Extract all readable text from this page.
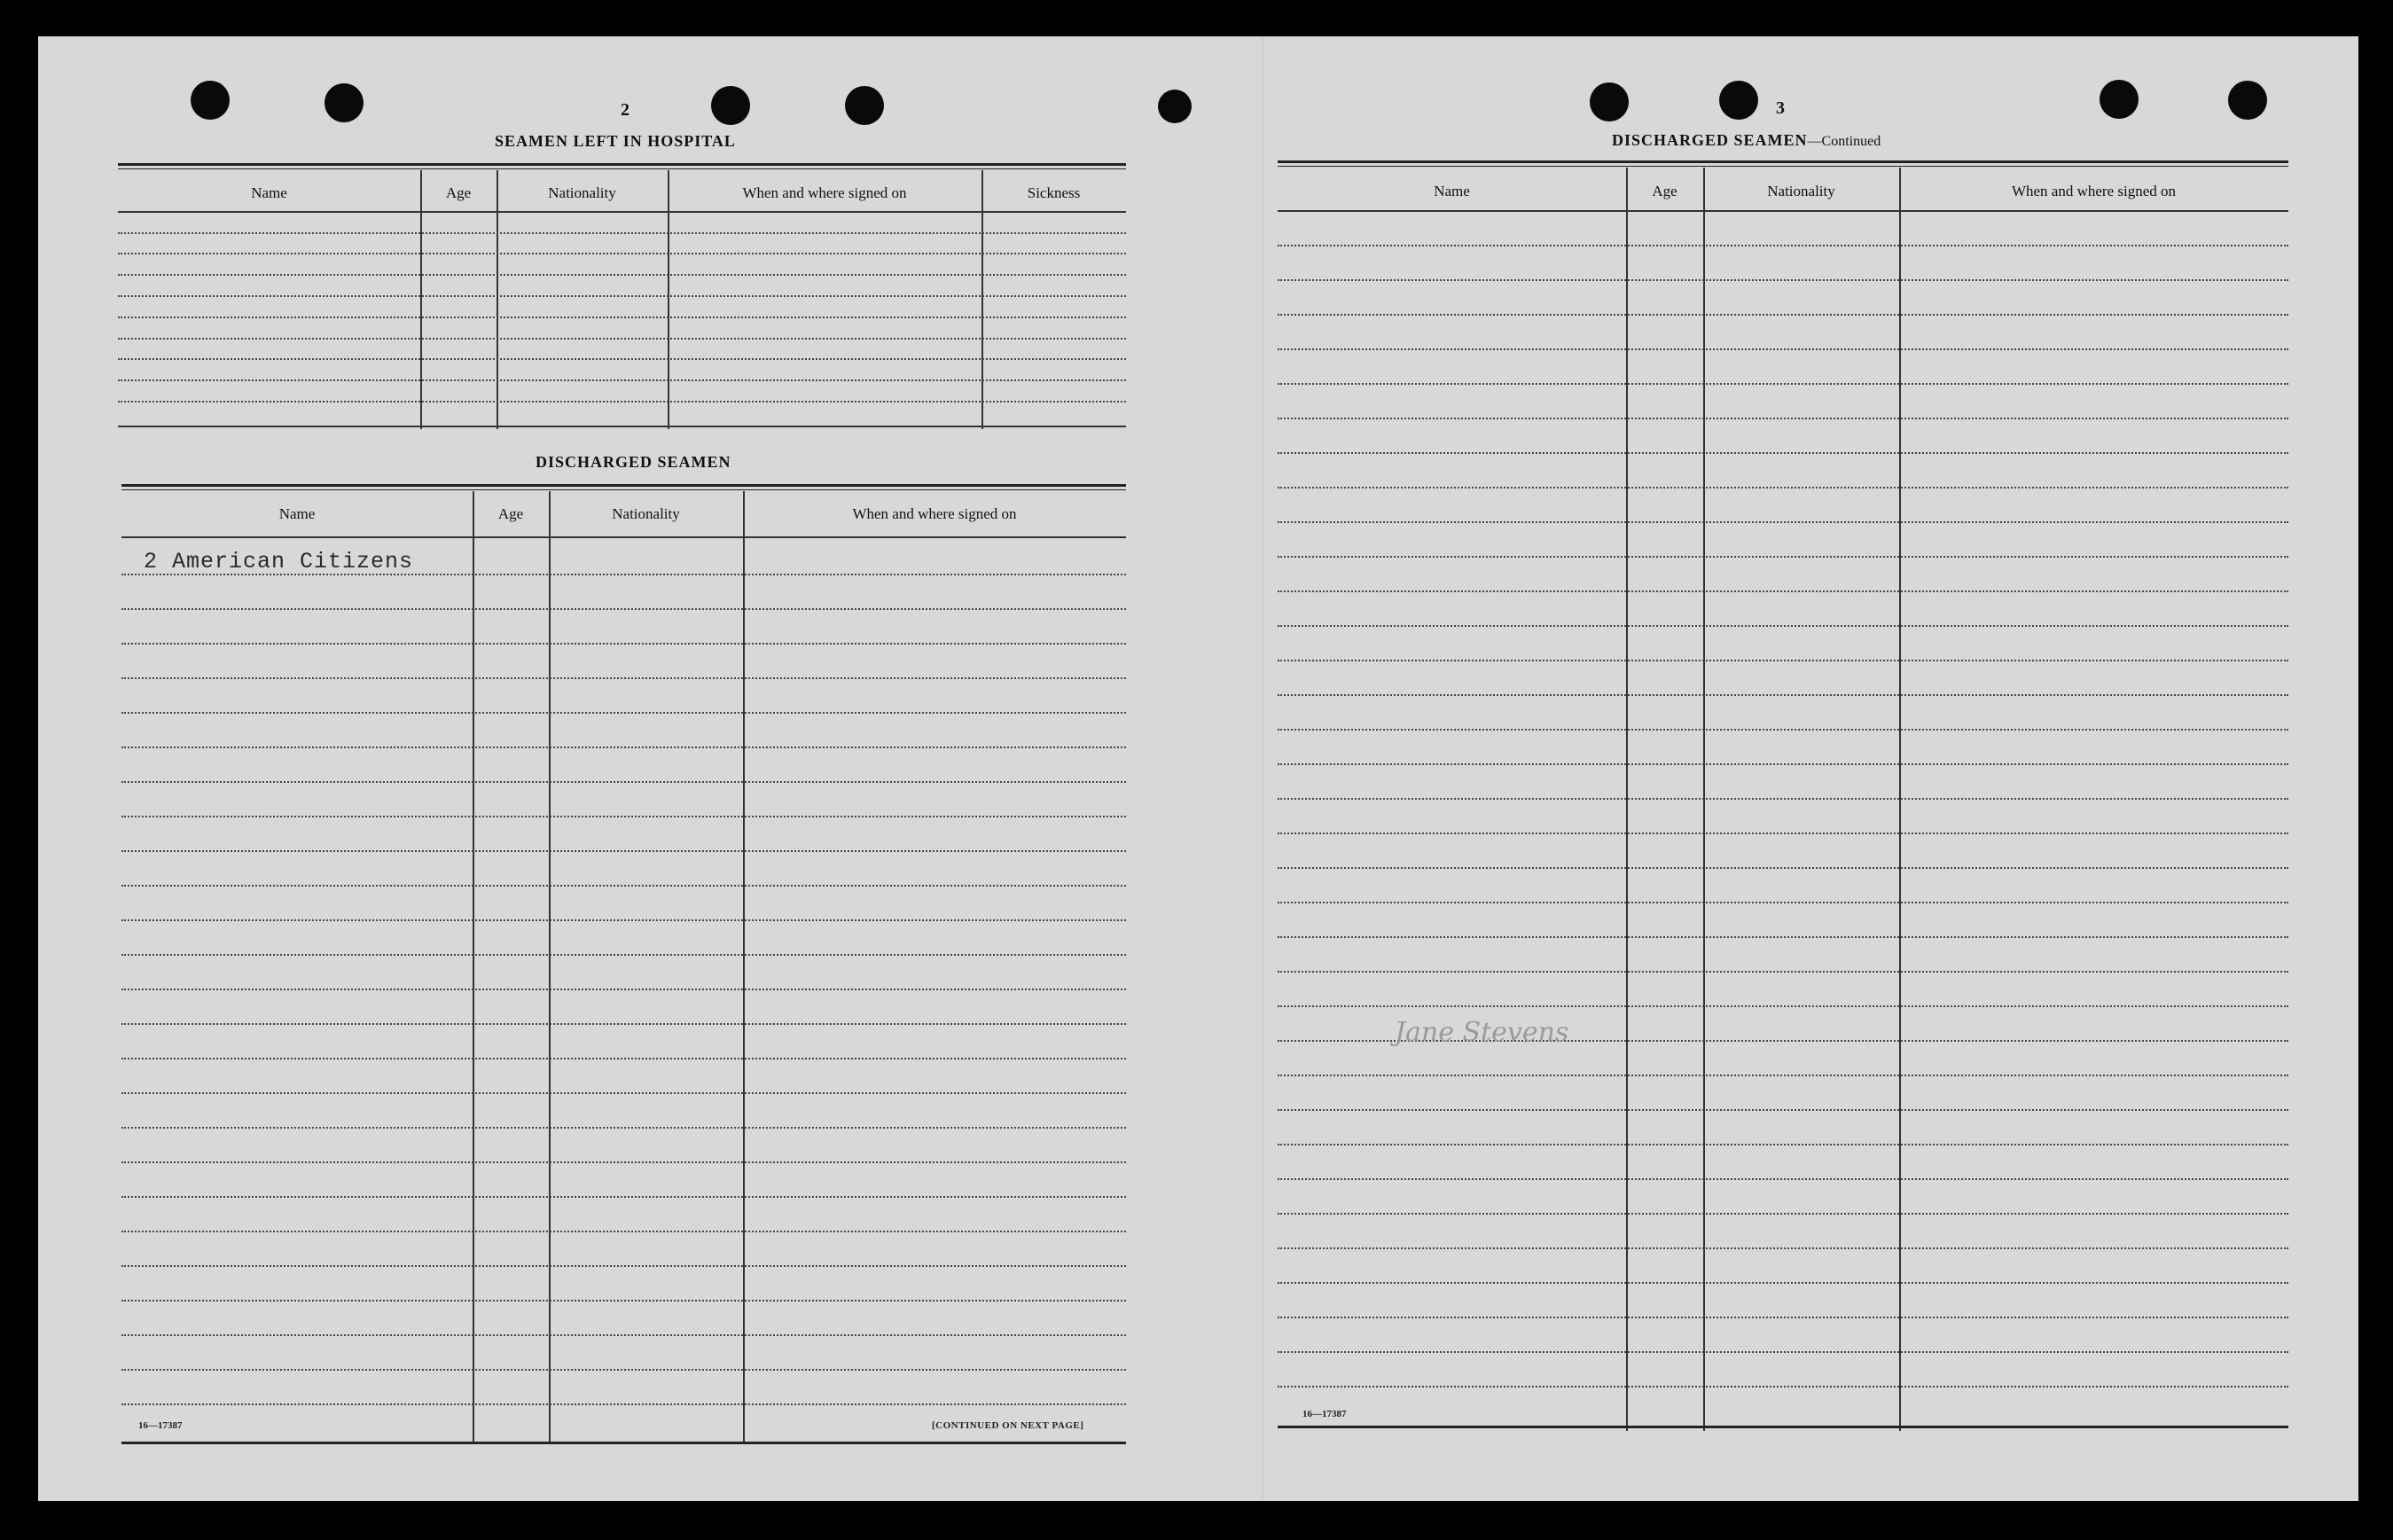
2
SEAMEN LEFT IN HOSPITAL
Name	Age	Nationality	When and where signed on	Sickness
DISCHARGED SEAMEN
Name	Age	Nationality	When and where signed on
2 American Citizens
16—17387	[CONTINUED ON NEXT PAGE]
3
DISCHARGED SEAMEN—Continued
Name	Age	Nationality	When and where signed on
Jane Stevens
16—17387
